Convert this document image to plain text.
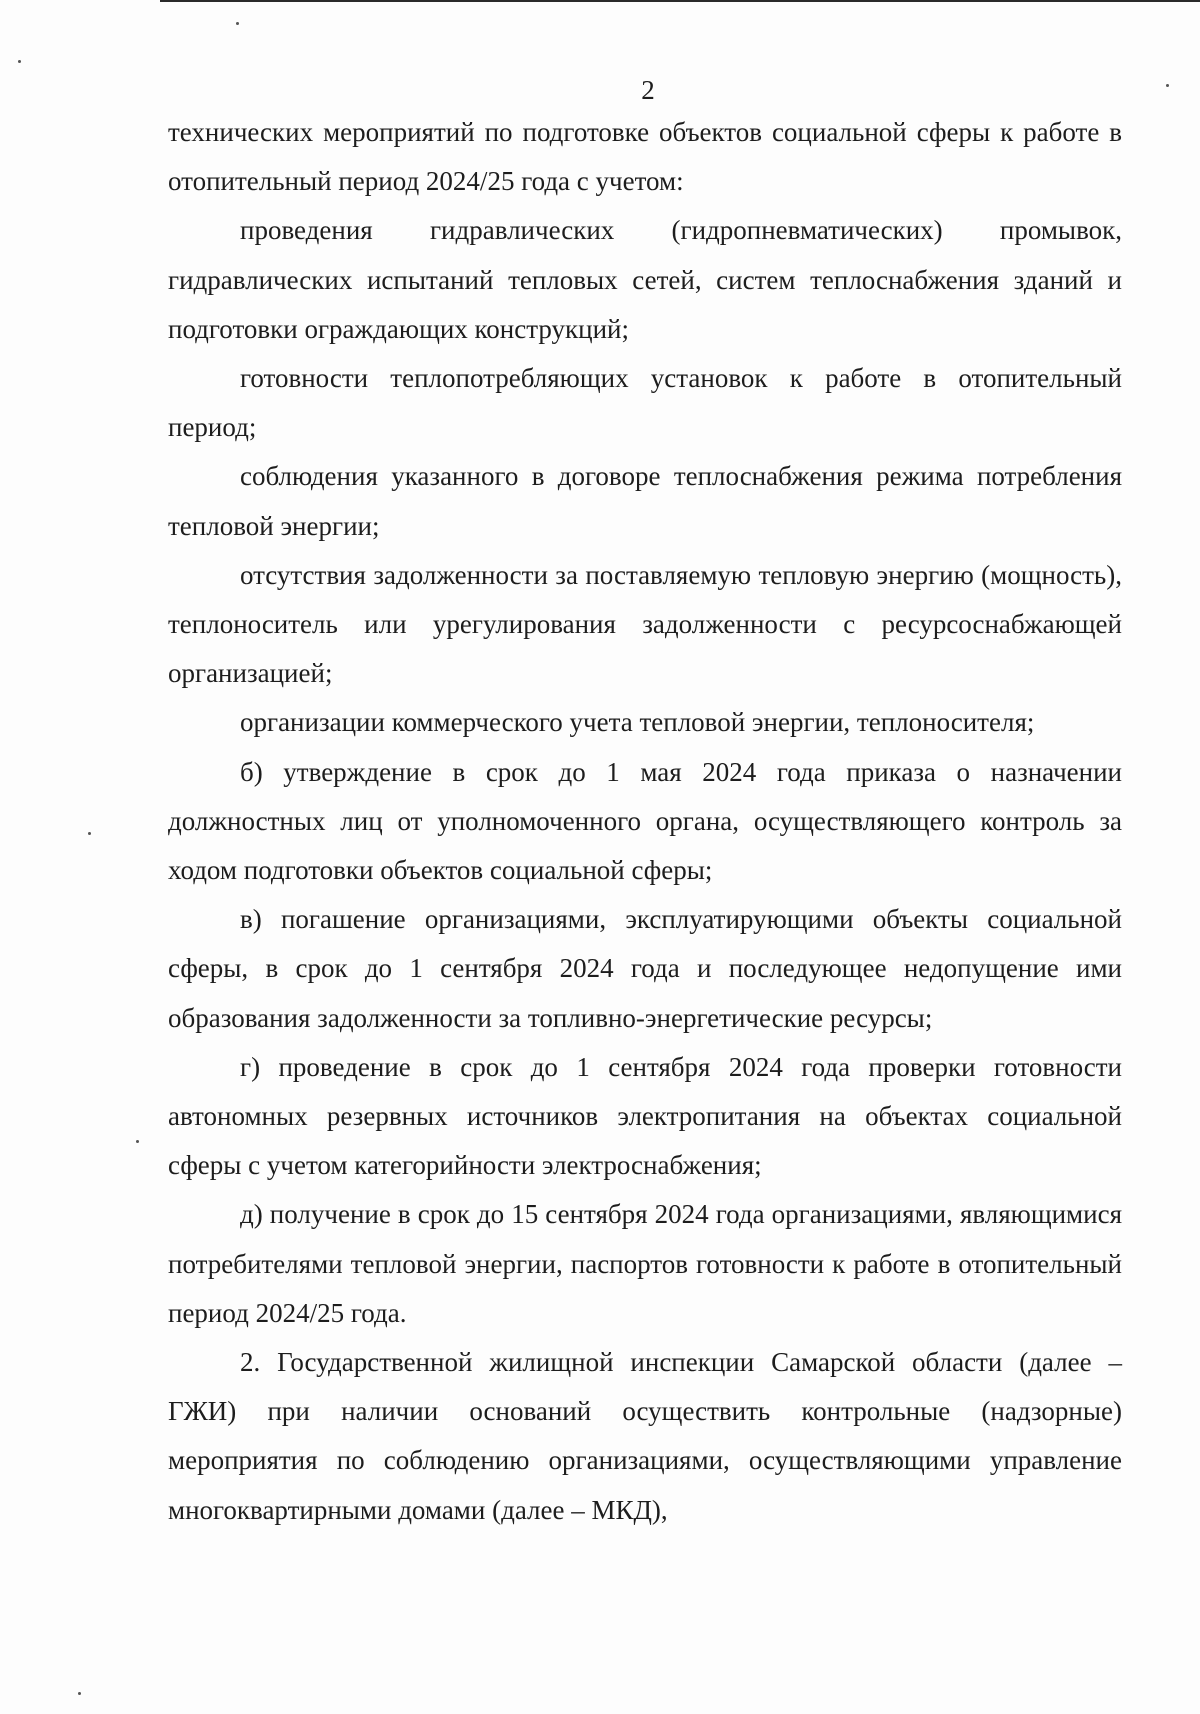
2

технических мероприятий по подготовке объектов социальной сферы к работе в отопительный период 2024/25 года с учетом:

проведения гидравлических (гидропневматических) промывок, гидравлических испытаний тепловых сетей, систем теплоснабжения зданий и подготовки ограждающих конструкций;

готовности теплопотребляющих установок к работе в отопительный период;

соблюдения указанного в договоре теплоснабжения режима потребления тепловой энергии;

отсутствия задолженности за поставляемую тепловую энергию (мощность), теплоноситель или урегулирования задолженности с ресурсоснабжающей организацией;

организации коммерческого учета тепловой энергии, теплоносителя;

б) утверждение в срок до 1 мая 2024 года приказа о назначении должностных лиц от уполномоченного органа, осуществляющего контроль за ходом подготовки объектов социальной сферы;

в) погашение организациями, эксплуатирующими объекты социальной сферы, в срок до 1 сентября 2024 года и последующее недопущение ими образования задолженности за топливно-энергетические ресурсы;

г) проведение в срок до 1 сентября 2024 года проверки готовности автономных резервных источников электропитания на объектах социальной сферы с учетом категорийности электроснабжения;

д) получение в срок до 15 сентября 2024 года организациями, являющимися потребителями тепловой энергии, паспортов готовности к работе в отопительный период 2024/25 года.

2. Государственной жилищной инспекции Самарской области (далее – ГЖИ) при наличии оснований осуществить контрольные (надзорные) мероприятия по соблюдению организациями, осуществляющими управление многоквартирными домами (далее – МКД),
